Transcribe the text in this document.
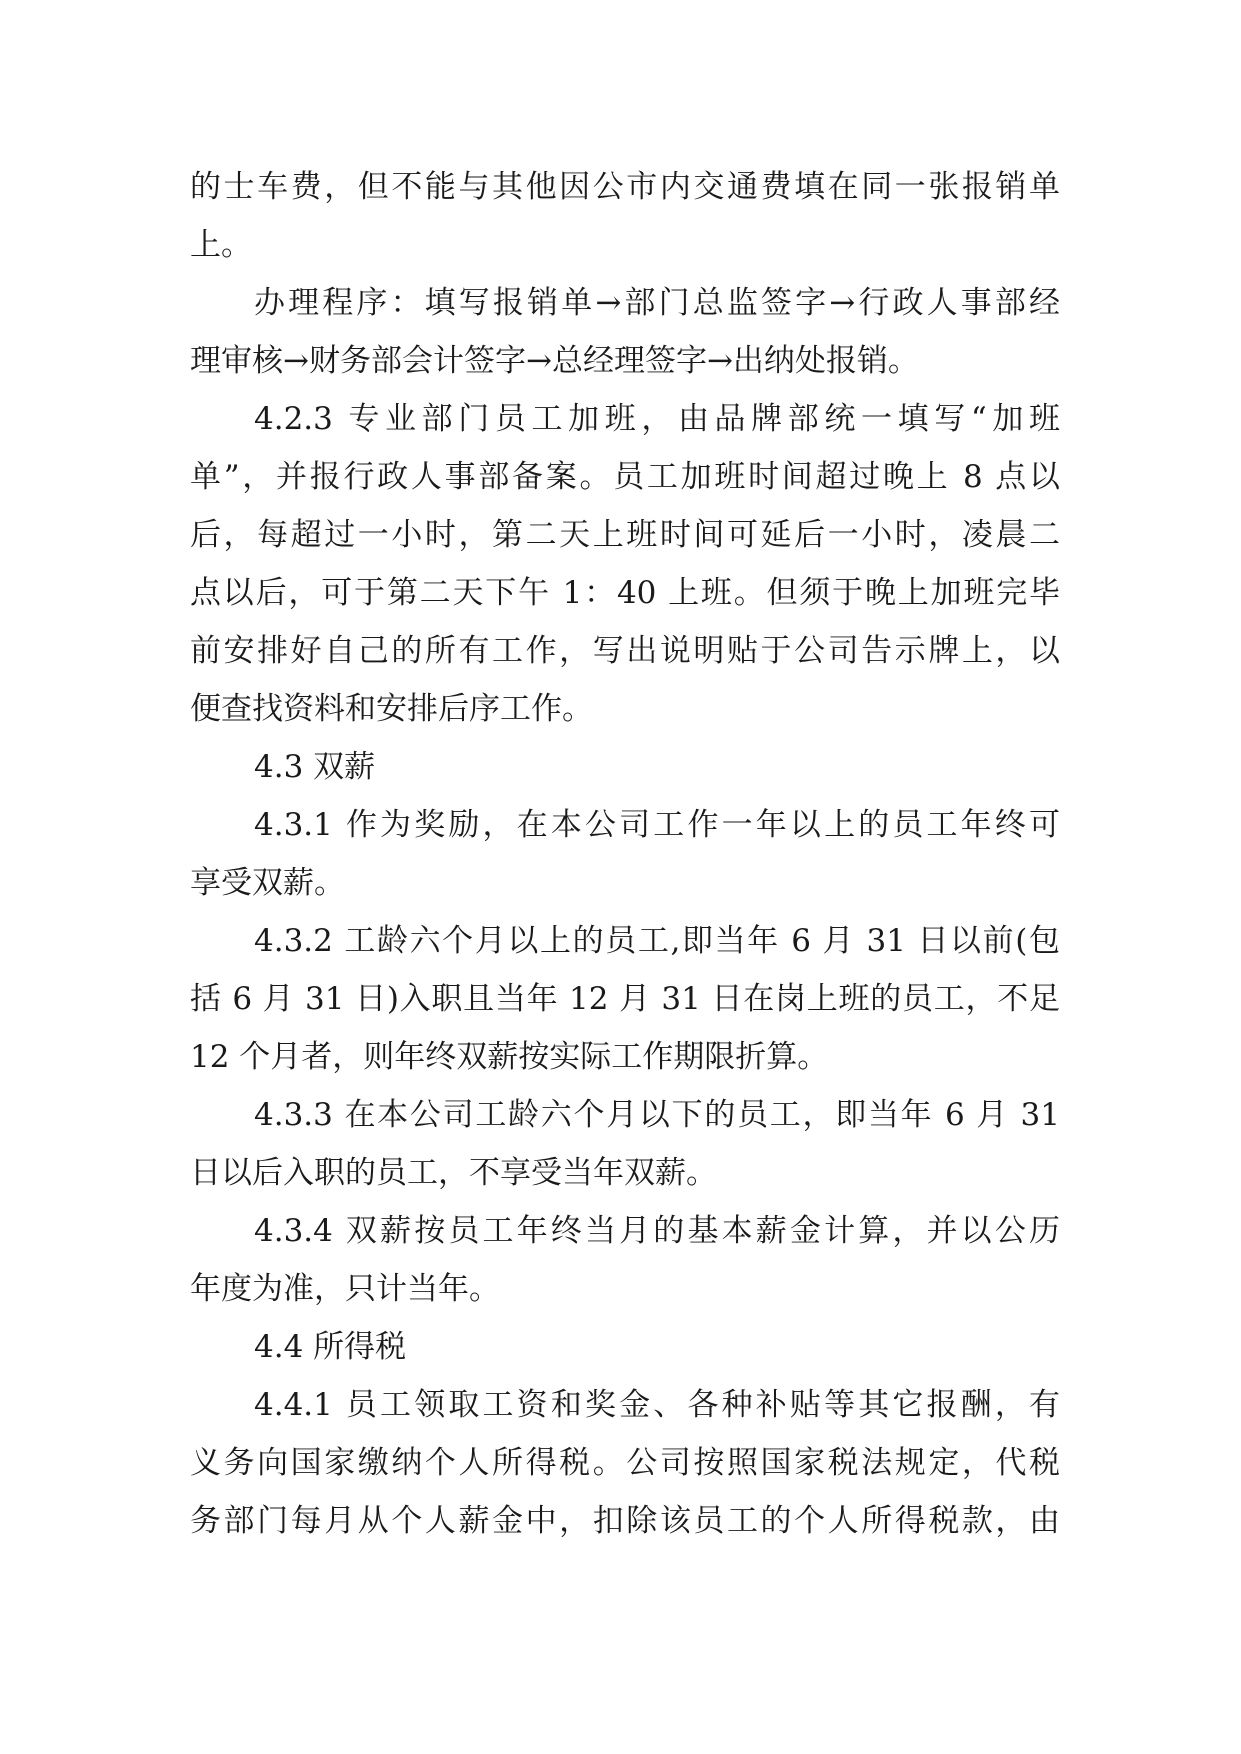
的士车费，但不能与其他因公市内交通费填在同一张报销单
上。
办理程序：填写报销单→部门总监签字→行政人事部经
理审核→财务部会计签字→总经理签字→出纳处报销。
4.2.3 专业部门员工加班，由品牌部统一填写“加班
单”，并报行政人事部备案。员工加班时间超过晚上 8 点以
后，每超过一小时，第二天上班时间可延后一小时，凌晨二
点以后，可于第二天下午 1：40 上班。但须于晚上加班完毕
前安排好自己的所有工作，写出说明贴于公司告示牌上，以
便查找资料和安排后序工作。
4.3 双薪
4.3.1 作为奖励，在本公司工作一年以上的员工年终可
享受双薪。
4.3.2 工龄六个月以上的员工,即当年 6 月 31 日以前(包
括 6 月 31 日)入职且当年 12 月 31 日在岗上班的员工，不足
12 个月者，则年终双薪按实际工作期限折算。
4.3.3 在本公司工龄六个月以下的员工，即当年 6 月 31
日以后入职的员工，不享受当年双薪。
4.3.4 双薪按员工年终当月的基本薪金计算，并以公历
年度为准，只计当年。
4.4 所得税
4.4.1 员工领取工资和奖金、各种补贴等其它报酬，有
义务向国家缴纳个人所得税。公司按照国家税法规定，代税
务部门每月从个人薪金中，扣除该员工的个人所得税款，由
